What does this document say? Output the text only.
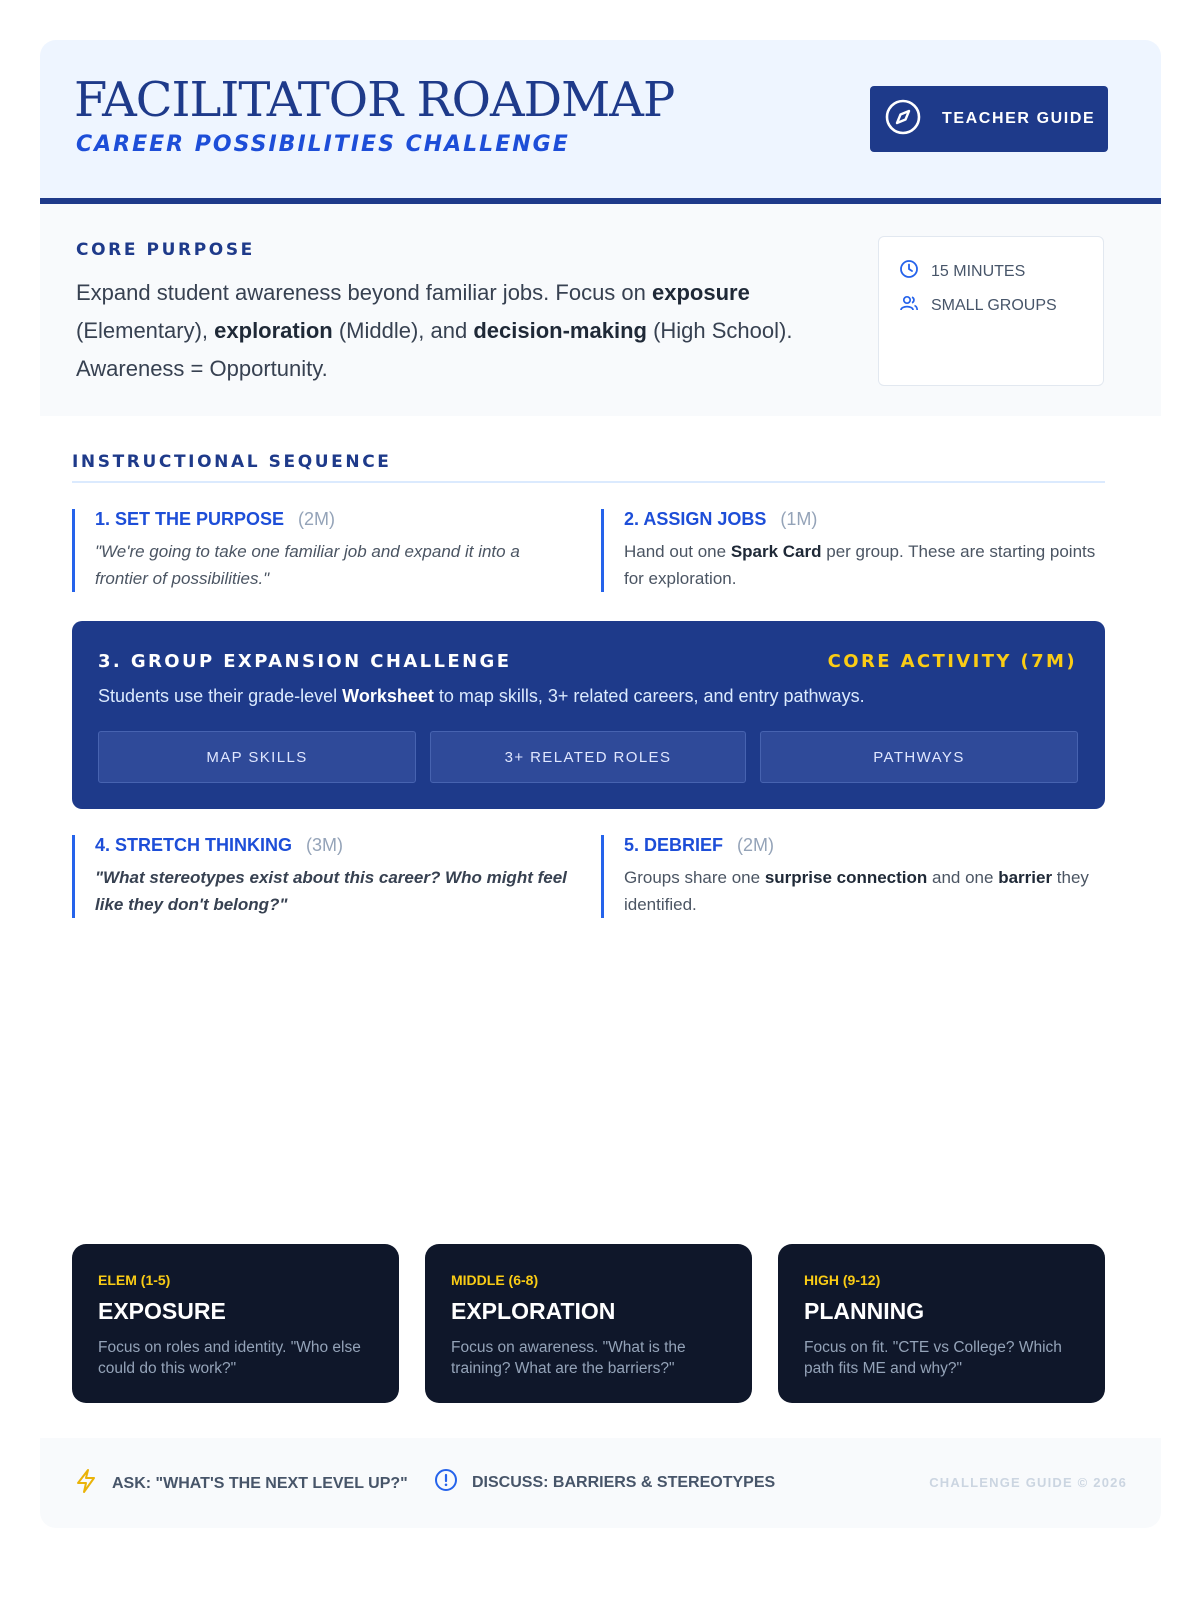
FACILITATOR ROADMAP
CAREER POSSIBILITIES CHALLENGE
TEACHER GUIDE
CORE PURPOSE

Expand student awareness beyond familiar jobs. Focus on exposure (Elementary), exploration (Middle), and decision-making (High School). Awareness = Opportunity.

15 MINUTES
SMALL GROUPS
INSTRUCTIONAL SEQUENCE
1. SET THE PURPOSE (2M)
"We're going to take one familiar job and expand it into a frontier of possibilities."
2. ASSIGN JOBS (1M)
Hand out one Spark Card per group. These are starting points for exploration.
3. GROUP EXPANSION CHALLENGE	CORE ACTIVITY (7M)
Students use their grade-level Worksheet to map skills, 3+ related careers, and entry pathways.
MAP SKILLS	3+ RELATED ROLES	PATHWAYS
4. STRETCH THINKING (3M)
"What stereotypes exist about this career? Who might feel like they don't belong?"
5. DEBRIEF (2M)
Groups share one surprise connection and one barrier they identified.
ELEM (1-5)
EXPOSURE
Focus on roles and identity. "Who else could do this work?"
MIDDLE (6-8)
EXPLORATION
Focus on awareness. "What is the training? What are the barriers?"
HIGH (9-12)
PLANNING
Focus on fit. "CTE vs College? Which path fits ME and why?"
ASK: "WHAT'S THE NEXT LEVEL UP?"	DISCUSS: BARRIERS & STEREOTYPES	CHALLENGE GUIDE © 2026
